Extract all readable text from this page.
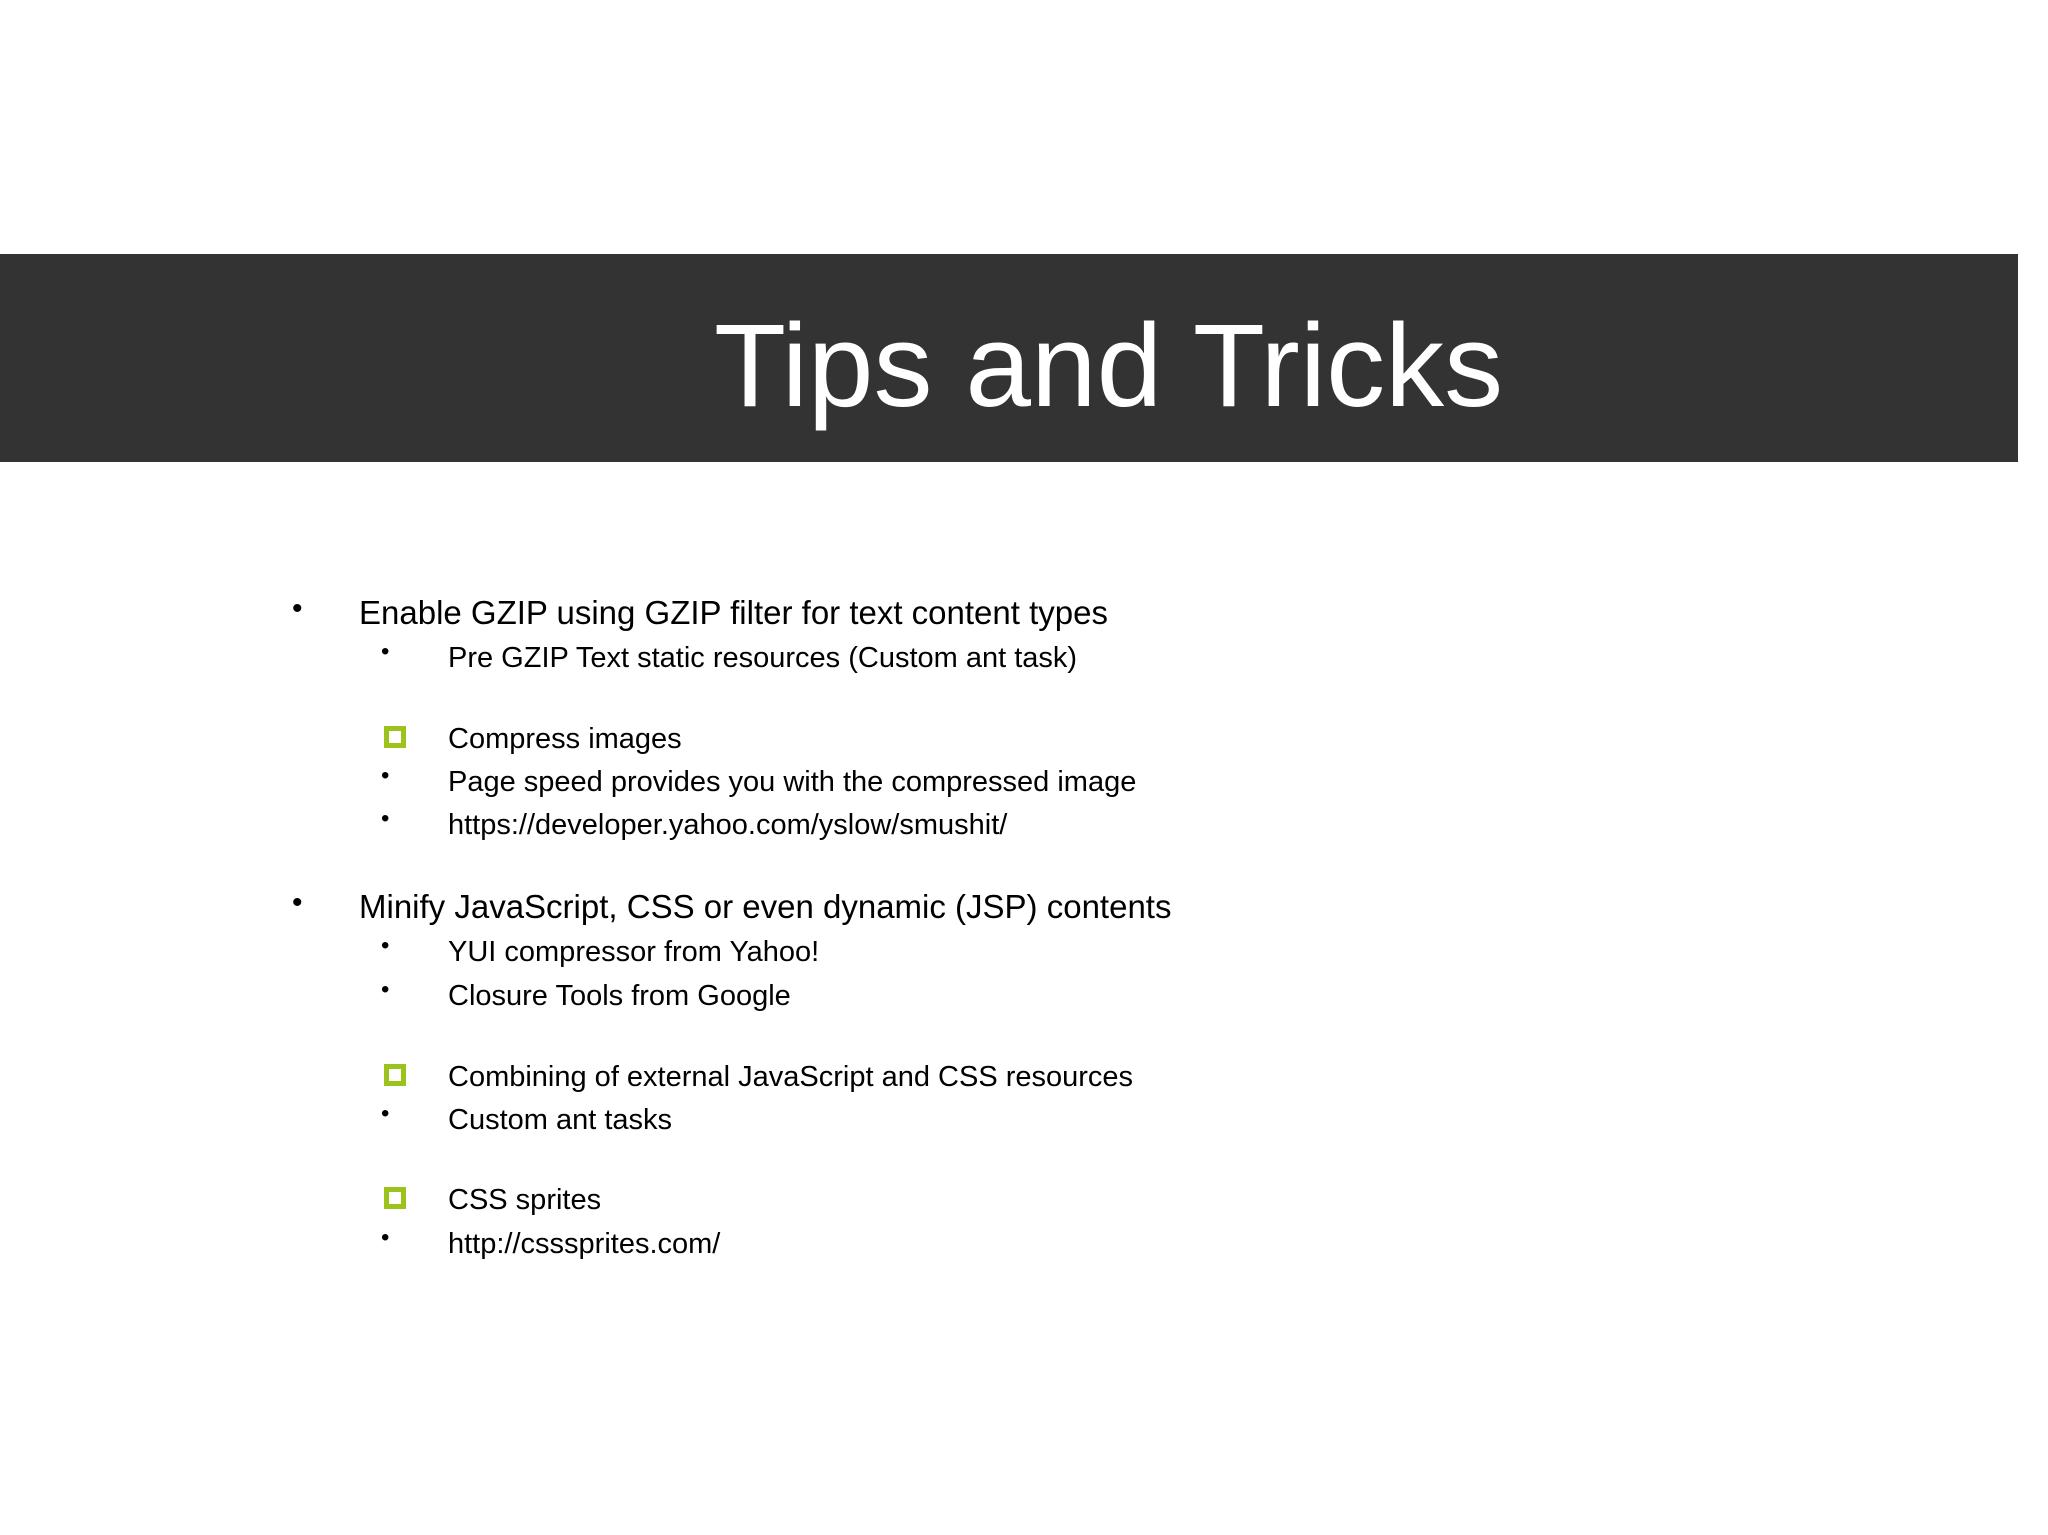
Tips and Tricks
• Enable GZIP using GZIP filter for text content types
• Pre GZIP Text static resources (Custom ant task)
Compress images
• Page speed provides you with the compressed image
• https://developer.yahoo.com/yslow/smushit/
• Minify JavaScript, CSS or even dynamic (JSP) contents
• YUI compressor from Yahoo!
• Closure Tools from Google
Combining of external JavaScript and CSS resources
• Custom ant tasks
CSS sprites
• http://csssprites.com/
